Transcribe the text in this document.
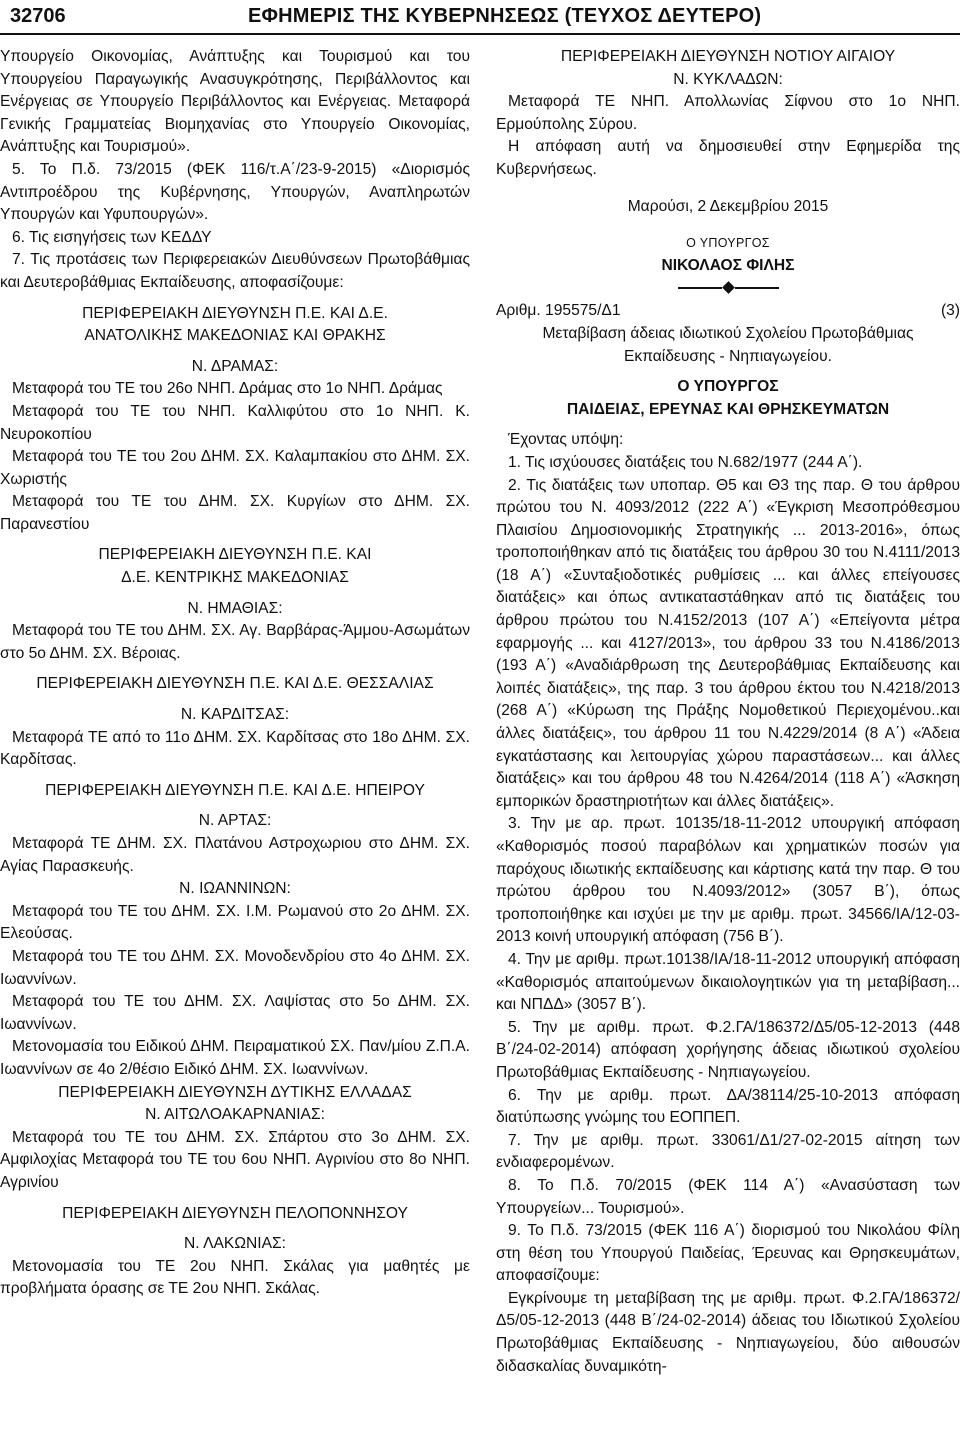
32706	ΕΦΗΜΕΡΙΣ ΤΗΣ ΚΥΒΕΡΝΗΣΕΩΣ (ΤΕΥΧΟΣ ΔΕΥΤΕΡΟ)

Υπουργείο Οικονομίας, Ανάπτυξης και Τουρισμού και του Υπουργείου Παραγωγικής Ανασυγκρότησης, Περιβάλλοντος και Ενέργειας σε Υπουργείο Περιβάλλοντος και Ενέργειας. Μεταφορά Γενικής Γραμματείας Βιομηχανίας στο Υπουργείο Οικονομίας, Ανάπτυξης και Τουρισμού».

5. Το Π.δ. 73/2015 (ΦΕΚ 116/τ.Α΄/23-9-2015) «Διορισμός Αντιπροέδρου της Κυβέρνησης, Υπουργών, Αναπληρωτών Υπουργών και Υφυπουργών».

6. Τις εισηγήσεις των ΚΕΔΔΥ

7. Τις προτάσεις των Περιφερειακών Διευθύνσεων Πρωτοβάθμιας και Δευτεροβάθμιας Εκπαίδευσης, αποφασίζουμε:

ΠΕΡΙΦΕΡΕΙΑΚΗ ΔΙΕΥΘΥΝΣΗ Π.Ε. ΚΑΙ Δ.Ε.

ΑΝΑΤΟΛΙΚΗΣ ΜΑΚΕΔΟΝΙΑΣ ΚΑΙ ΘΡΑΚΗΣ

Ν. ΔΡΑΜΑΣ:

Μεταφορά του ΤΕ του 26ο ΝΗΠ. Δράμας στο 1ο ΝΗΠ. Δράμας

Μεταφορά του ΤΕ του ΝΗΠ. Καλλιφύτου στο 1ο ΝΗΠ. Κ. Νευροκοπίου

Μεταφορά του ΤΕ του 2ου ΔΗΜ. ΣΧ. Καλαμπακίου στο ΔΗΜ. ΣΧ. Χωριστής

Μεταφορά του ΤΕ του ΔΗΜ. ΣΧ. Κυργίων στο ΔΗΜ. ΣΧ. Παρανεστίου

ΠΕΡΙΦΕΡΕΙΑΚΗ ΔΙΕΥΘΥΝΣΗ Π.Ε. ΚΑΙ

Δ.Ε. ΚΕΝΤΡΙΚΗΣ ΜΑΚΕΔΟΝΙΑΣ

Ν. ΗΜΑΘΙΑΣ:

Μεταφορά του ΤΕ του ΔΗΜ. ΣΧ. Αγ. Βαρβάρας-Άμμου-Ασωμάτων στο 5ο ΔΗΜ. ΣΧ. Βέροιας.

ΠΕΡΙΦΕΡΕΙΑΚΗ ΔΙΕΥΘΥΝΣΗ Π.Ε. ΚΑΙ Δ.Ε. ΘΕΣΣΑΛΙΑΣ

Ν. ΚΑΡΔΙΤΣΑΣ:

Μεταφορά ΤΕ από το 11ο ΔΗΜ. ΣΧ. Καρδίτσας στο 18ο ΔΗΜ. ΣΧ. Καρδίτσας.

ΠΕΡΙΦΕΡΕΙΑΚΗ ΔΙΕΥΘΥΝΣΗ Π.Ε. ΚΑΙ Δ.Ε. ΗΠΕΙΡΟΥ

Ν. ΑΡΤΑΣ:

Μεταφορά ΤΕ ΔΗΜ. ΣΧ. Πλατάνου Αστροχωριου στο ΔΗΜ. ΣΧ. Αγίας Παρασκευής.

Ν. ΙΩΑΝΝΙΝΩΝ:

Μεταφορά του ΤΕ του ΔΗΜ. ΣΧ. Ι.Μ. Ρωμανού στο 2ο ΔΗΜ. ΣΧ. Ελεούσας.

Μεταφορά του ΤΕ του ΔΗΜ. ΣΧ. Μονοδενδρίου στο 4ο ΔΗΜ. ΣΧ. Ιωαννίνων.

Μεταφορά του ΤΕ του ΔΗΜ. ΣΧ. Λαψίστας στο 5ο ΔΗΜ. ΣΧ. Ιωαννίνων.

Μετονομασία του Ειδικού ΔΗΜ. Πειραματικού ΣΧ. Παν/μίου Ζ.Π.Α. Ιωαννίνων σε 4ο 2/θέσιο Ειδικό ΔΗΜ. ΣΧ. Ιωαννίνων.

ΠΕΡΙΦΕΡΕΙΑΚΗ ΔΙΕΥΘΥΝΣΗ ΔΥΤΙΚΗΣ ΕΛΛΑΔΑΣ

Ν. ΑΙΤΩΛΟΑΚΑΡΝΑΝΙΑΣ:

Μεταφορά του ΤΕ του ΔΗΜ. ΣΧ. Σπάρτου στο 3ο ΔΗΜ. ΣΧ. Αμφιλοχίας Μεταφορά του ΤΕ του 6ου ΝΗΠ. Αγρινίου στο 8ο ΝΗΠ. Αγρινίου

ΠΕΡΙΦΕΡΕΙΑΚΗ ΔΙΕΥΘΥΝΣΗ ΠΕΛΟΠΟΝΝΗΣΟΥ

Ν. ΛΑΚΩΝΙΑΣ:

Μετονομασία του ΤΕ 2ου ΝΗΠ. Σκάλας για μαθητές με προβλήματα όρασης σε ΤΕ 2ου ΝΗΠ. Σκάλας.

ΠΕΡΙΦΕΡΕΙΑΚΗ ΔΙΕΥΘΥΝΣΗ ΝΟΤΙΟΥ ΑΙΓΑΙΟΥ

Ν. ΚΥΚΛΑΔΩΝ:

Μεταφορά ΤΕ ΝΗΠ. Απολλωνίας Σίφνου στο 1ο ΝΗΠ. Ερμούπολης Σύρου.

Η απόφαση αυτή να δημοσιευθεί στην Εφημερίδα της Κυβερνήσεως.

Μαρούσι, 2 Δεκεμβρίου 2015

Ο ΥΠΟΥΡΓΟΣ

ΝΙΚΟΛΑΟΣ ΦΙΛΗΣ

Αριθμ. 195575/Δ1	(3)

Μεταβίβαση άδειας ιδιωτικού Σχολείου Πρωτοβάθμιας Εκπαίδευσης - Νηπιαγωγείου.

Ο ΥΠΟΥΡΓΟΣ

ΠΑΙΔΕΙΑΣ, ΕΡΕΥΝΑΣ ΚΑΙ ΘΡΗΣΚΕΥΜΑΤΩΝ

Έχοντας υπόψη:

1. Τις ισχύουσες διατάξεις του Ν.682/1977 (244 Α΄).

2. Τις διατάξεις των υποπαρ. Θ5 και Θ3 της παρ. Θ του άρθρου πρώτου του Ν. 4093/2012 (222 Α΄) «Έγκριση Μεσοπρόθεσμου Πλαισίου Δημοσιονομικής Στρατηγικής ... 2013-2016», όπως τροποποιήθηκαν από τις διατάξεις του άρθρου 30 του Ν.4111/2013 (18 Α΄) «Συνταξιοδοτικές ρυθμίσεις ... και άλλες επείγουσες διατάξεις» και όπως αντικαταστάθηκαν από τις διατάξεις του άρθρου πρώτου του Ν.4152/2013 (107 Α΄) «Επείγοντα μέτρα εφαρμογής ... και 4127/2013», του άρθρου 33 του Ν.4186/2013 (193 Α΄) «Αναδιάρθρωση της Δευτεροβάθμιας Εκπαίδευσης και λοιπές διατάξεις», της παρ. 3 του άρθρου έκτου του Ν.4218/2013 (268 Α΄) «Κύρωση της Πράξης Νομοθετικού Περιεχομένου..και άλλες διατάξεις», του άρθρου 11 του Ν.4229/2014 (8 Α΄) «Άδεια εγκατάστασης και λειτουργίας χώρου παραστάσεων... και άλλες διατάξεις» και του άρθρου 48 του Ν.4264/2014 (118 Α΄) «Άσκηση εμπορικών δραστηριοτήτων και άλλες διατάξεις».

3. Την με αρ. πρωτ. 10135/18-11-2012 υπουργική απόφαση «Καθορισμός ποσού παραβόλων και χρηματικών ποσών για παρόχους ιδιωτικής εκπαίδευσης και κάρτισης κατά την παρ. Θ του πρώτου άρθρου του Ν.4093/2012» (3057 Β΄), όπως τροποποιήθηκε και ισχύει με την με αριθμ. πρωτ. 34566/ΙΑ/12-03-2013 κοινή υπουργική απόφαση (756 Β΄).

4. Την με αριθμ. πρωτ.10138/ΙΑ/18-11-2012 υπουργική απόφαση «Καθορισμός απαιτούμενων δικαιολογητικών για τη μεταβίβαση... και ΝΠΔΔ» (3057 Β΄).

5. Την με αριθμ. πρωτ. Φ.2.ΓΑ/186372/Δ5/05-12-2013 (448 Β΄/24-02-2014) απόφαση χορήγησης άδειας ιδιωτικού σχολείου Πρωτοβάθμιας Εκπαίδευσης - Νηπιαγωγείου.

6. Την με αριθμ. πρωτ. ΔΑ/38114/25-10-2013 απόφαση διατύπωσης γνώμης του ΕΟΠΠΕΠ.

7. Την με αριθμ. πρωτ. 33061/Δ1/27-02-2015 αίτηση των ενδιαφερομένων.

8. Το Π.δ. 70/2015 (ΦΕΚ 114 Α΄) «Ανασύσταση των Υπουργείων... Τουρισμού».

9. Το Π.δ. 73/2015 (ΦΕΚ 116 Α΄) διορισμού του Νικολάου Φίλη στη θέση του Υπουργού Παιδείας, Έρευνας και Θρησκευμάτων, αποφασίζουμε:

Εγκρίνουμε τη μεταβίβαση της με αριθμ. πρωτ. Φ.2.ΓΑ/186372/Δ5/05-12-2013 (448 Β΄/24-02-2014) άδειας του Ιδιωτικού Σχολείου Πρωτοβάθμιας Εκπαίδευσης - Νηπιαγωγείου, δύο αιθουσών διδασκαλίας δυναμικότη-
